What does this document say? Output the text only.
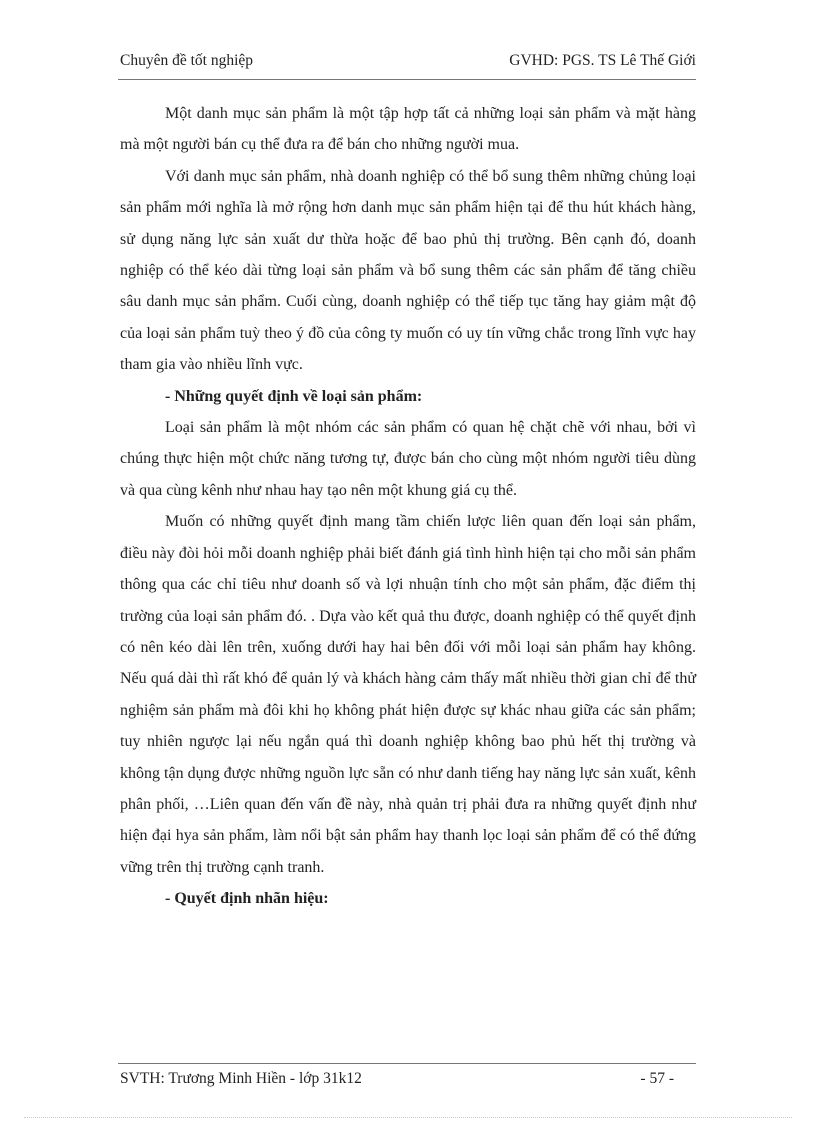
Chuyên đề tốt nghiệp	GVHD: PGS. TS Lê Thế Giới

Một danh mục sản phẩm là một tập hợp tất cả những loại sản phẩm và mặt hàng mà một người bán cụ thể đưa ra để bán cho những người mua.

Với danh mục sản phẩm, nhà doanh nghiệp có thể bổ sung thêm những chủng loại sản phẩm mới nghĩa là mở rộng hơn danh mục sản phẩm hiện tại để thu hút khách hàng, sử dụng năng lực sản xuất dư thừa hoặc để bao phủ thị trường. Bên cạnh đó, doanh nghiệp có thể kéo dài từng loại sản phẩm và bổ sung thêm các sản phẩm để tăng chiều sâu danh mục sản phẩm. Cuối cùng, doanh nghiệp có thể tiếp tục tăng hay giảm mật độ của loại sản phẩm tuỳ theo ý đồ của công ty muốn có uy tín vững chắc trong lĩnh vực hay tham gia vào nhiều lĩnh vực.

- Những quyết định về loại sản phẩm:

Loại sản phẩm là một nhóm các sản phẩm có quan hệ chặt chẽ với nhau, bởi vì chúng thực hiện một chức năng tương tự, được bán cho cùng một nhóm người tiêu dùng và qua cùng kênh như nhau hay tạo nên một khung giá cụ thể.

Muốn có những quyết định mang tầm chiến lược liên quan đến loại sản phẩm, điều này đòi hỏi mỗi doanh nghiệp phải biết đánh giá tình hình hiện tại cho mỗi sản phẩm thông qua các chỉ tiêu như doanh số và lợi nhuận tính cho một sản phẩm, đặc điểm thị trường của loại sản phẩm đó. . Dựa vào kết quả thu được, doanh nghiệp có thể quyết định có nên kéo dài lên trên, xuống dưới hay hai bên đối với mỗi loại sản phẩm hay không. Nếu quá dài thì rất khó để quản lý và khách hàng cảm thấy mất nhiều thời gian chỉ để thử nghiệm sản phẩm mà đôi khi họ không phát hiện được sự khác nhau giữa các sản phẩm; tuy nhiên ngược lại nếu ngắn quá thì doanh nghiệp không bao phủ hết thị trường và không tận dụng được những nguồn lực sẵn có như danh tiếng hay năng lực sản xuất, kênh phân phối, …Liên quan đến vấn đề này, nhà quản trị phải đưa ra những quyết định như hiện đại hya sản phẩm, làm nổi bật sản phẩm hay thanh lọc loại sản phẩm để có thể đứng vững trên thị trường cạnh tranh.

- Quyết định nhãn hiệu:

SVTH: Trương Minh Hiền - lớp 31k12	- 57 -
